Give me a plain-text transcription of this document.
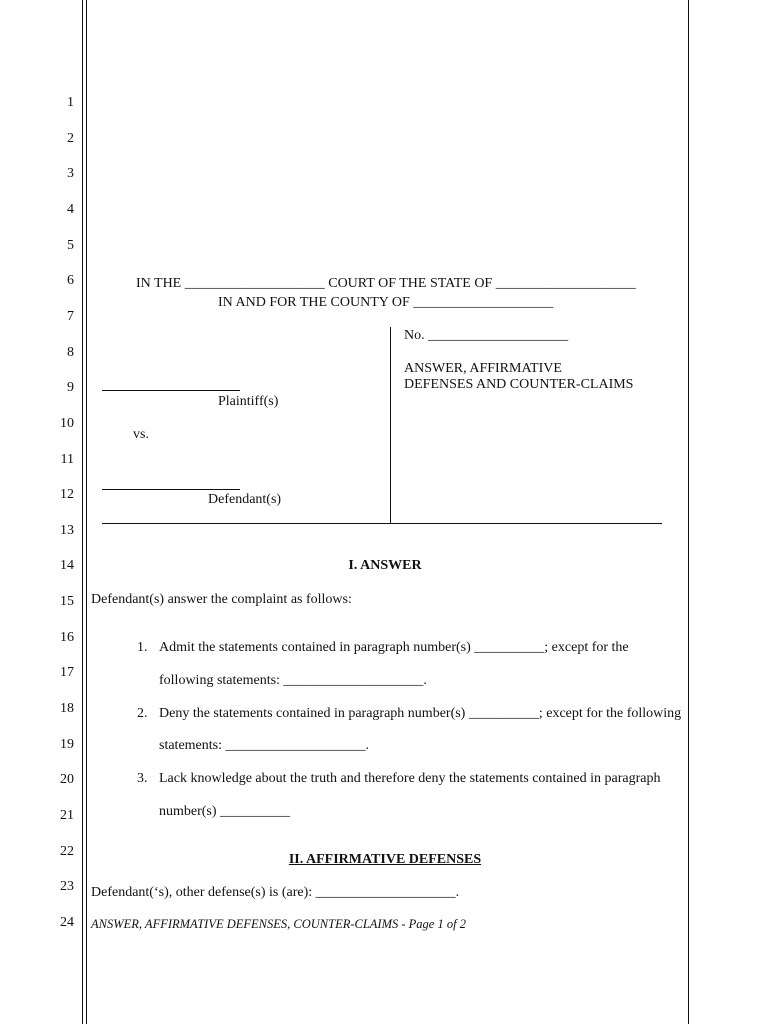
1
2
3
4
5
6
7
8
9
10
11
12
13
14
15
16
17
18
19
20
21
22
23
24
IN THE ____________________ COURT OF THE STATE OF ____________________
IN AND FOR THE COUNTY OF ____________________
No. ____________________
ANSWER, AFFIRMATIVE
DEFENSES AND COUNTER-CLAIMS
Plaintiff(s)
vs.
Defendant(s)
I. ANSWER
Defendant(s) answer the complaint as follows:
1. Admit the statements contained in paragraph number(s) __________; except for the
following statements: ____________________.
2. Deny the statements contained in paragraph number(s) __________; except for the following
statements: ____________________.
3. Lack knowledge about the truth and therefore deny the statements contained in paragraph
number(s) __________
II. AFFIRMATIVE DEFENSES
Defendant(‘s), other defense(s) is (are): ____________________.
ANSWER, AFFIRMATIVE DEFENSES, COUNTER-CLAIMS - Page 1 of 2
